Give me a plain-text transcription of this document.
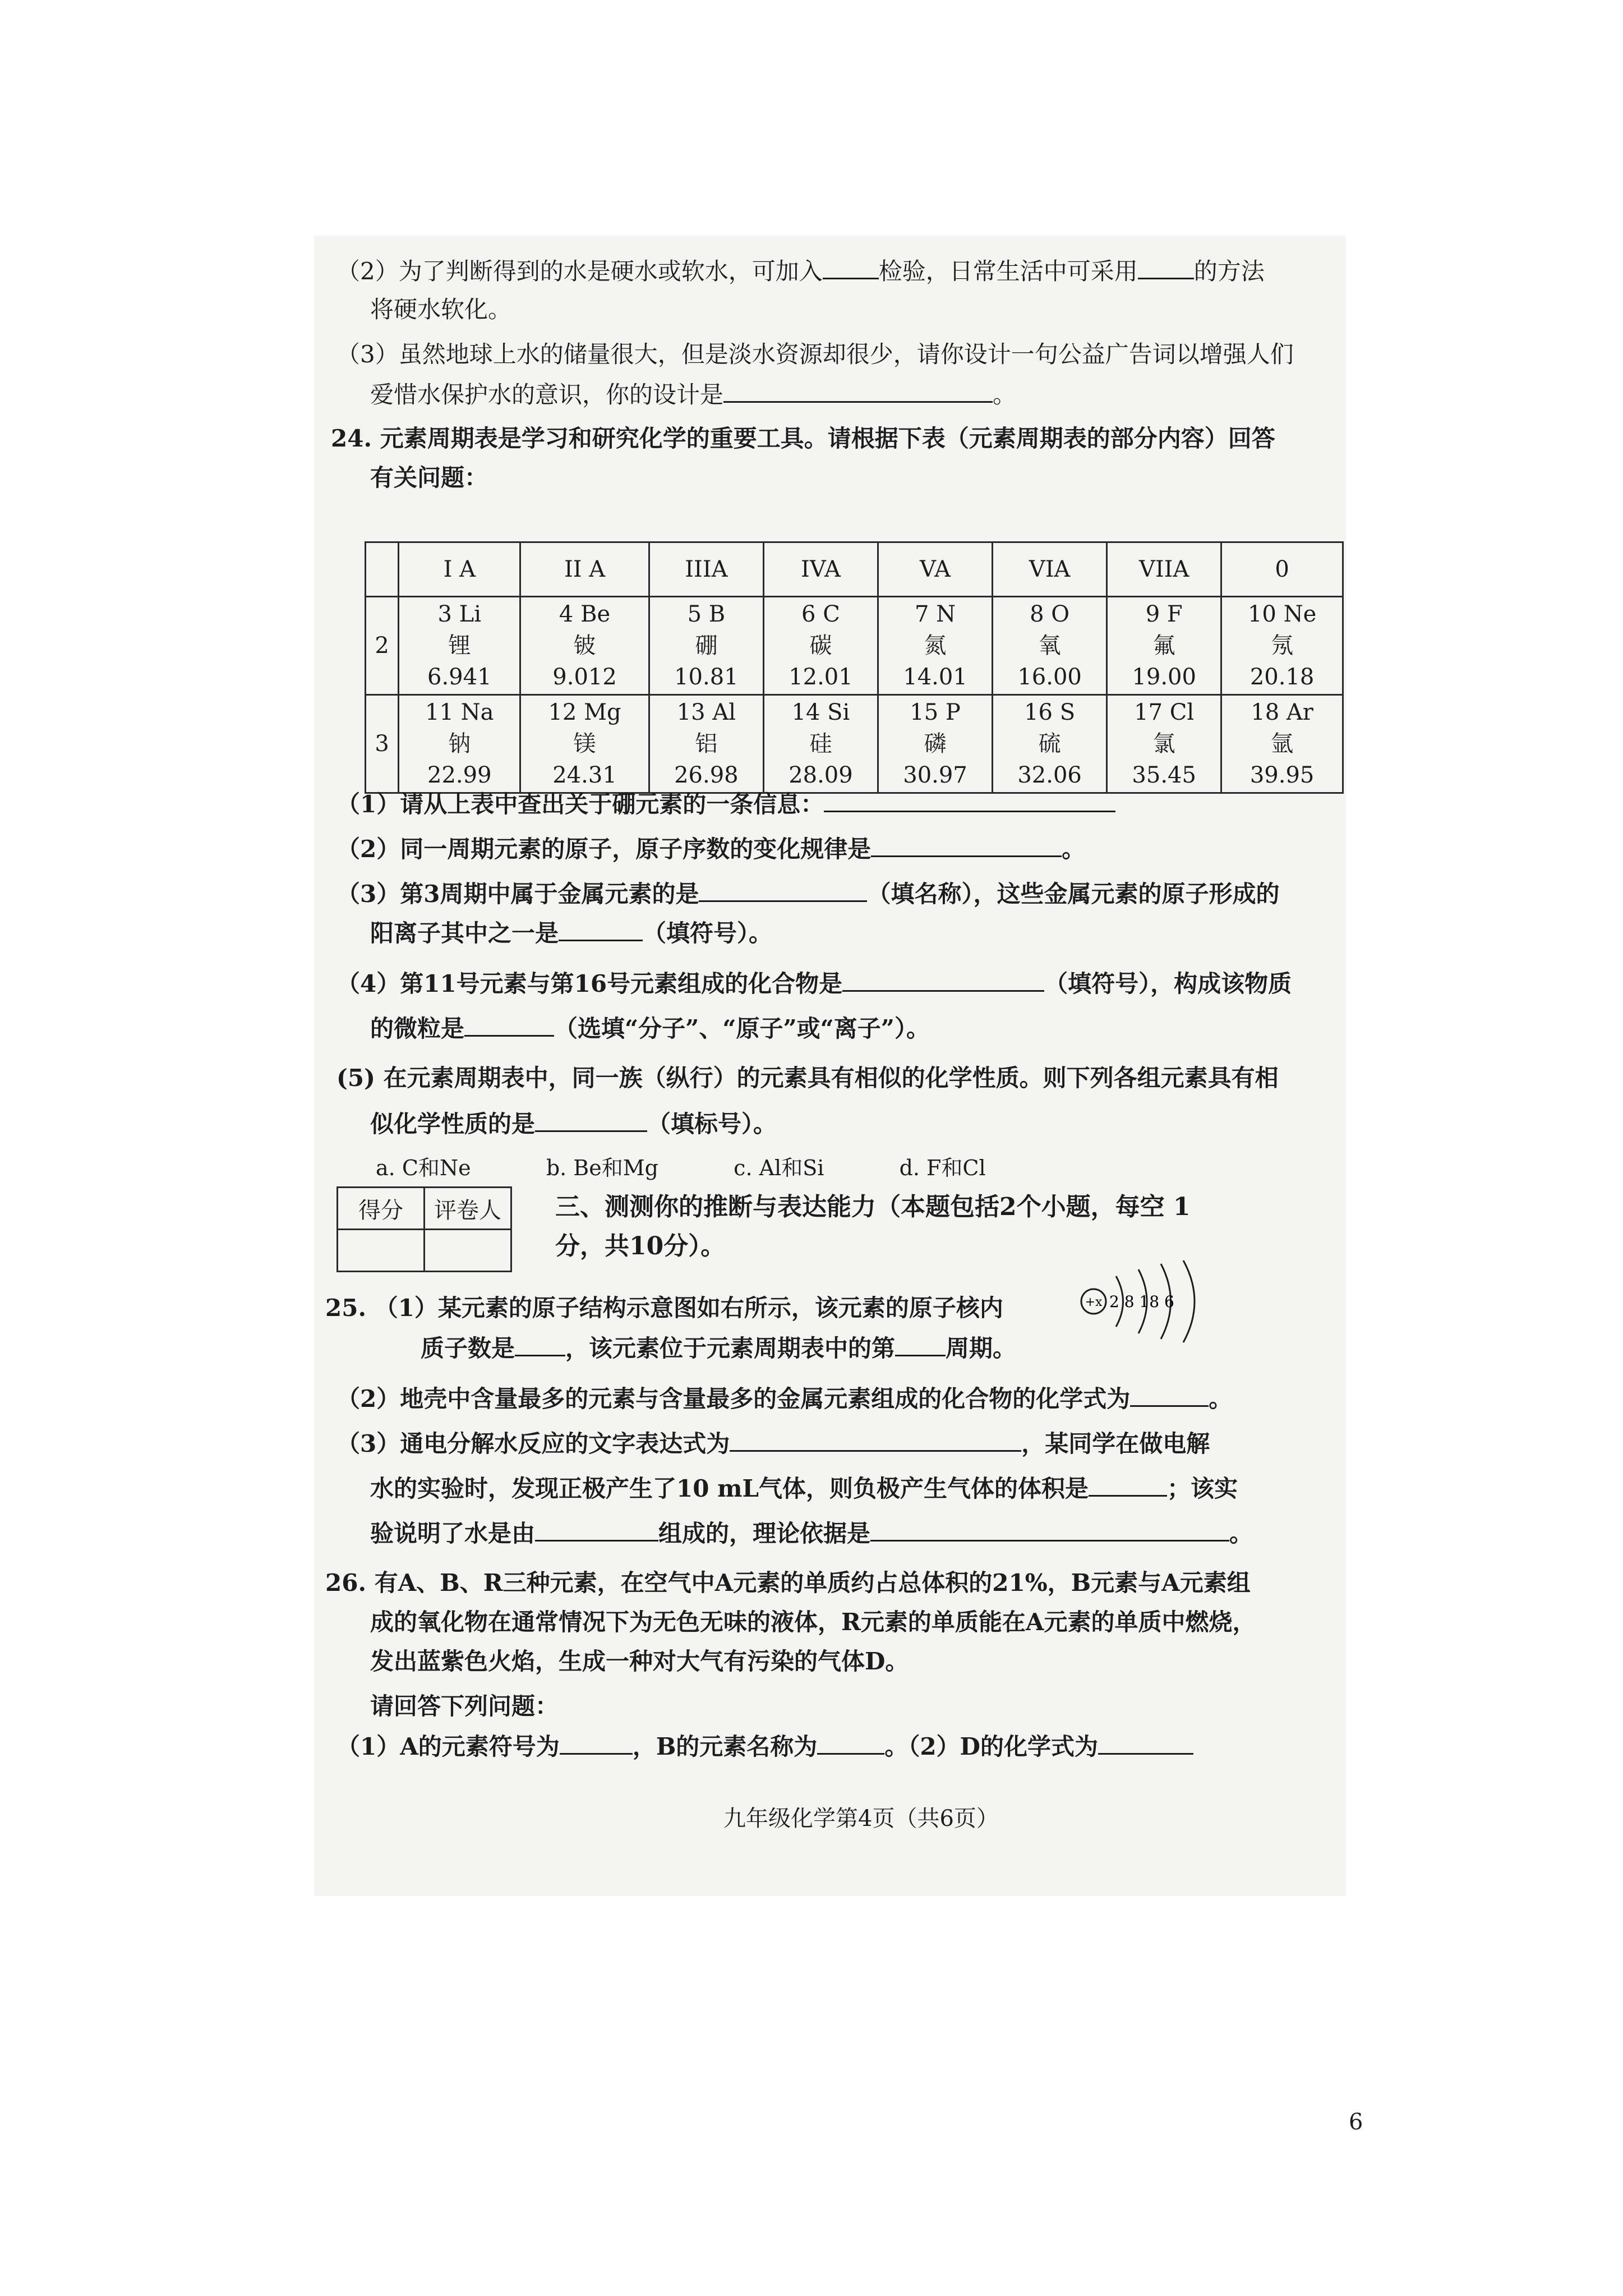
（2）为了判断得到的水是硬水或软水，可加入 检验，日常生活中可采用 的方法
将硬水软化。
（3）虽然地球上水的储量很大，但是淡水资源却很少，请你设计一句公益广告词以增强人们
爱惜水保护水的意识，你的设计是	。
24. 元素周期表是学习和研究化学的重要工具。请根据下表（元素周期表的部分内容）回答
有关问题：
	I A	II A	IIIA	IVA	VA	VIA	VIIA	0
2	3 Li
锂
6.941	4 Be
铍
9.012	5 B
硼
10.81	6 C
碳
12.01	7 N
氮
14.01	8 O
氧
16.00	9 F
氟
19.00	10 Ne
氖
20.18

3	11 Na
钠
22.99	12 Mg
镁
24.31	13 Al
铝
26.98	14 Si
硅
28.09	15 P
磷
30.97	16 S
硫
32.06	17 Cl
氯
35.45	18 Ar
氩
39.95
（1）请从上表中查出关于硼元素的一条信息：
（2）同一周期元素的原子，原子序数的变化规律是	。
（3）第3周期中属于金属元素的是	（填名称），这些金属元素的原子形成的
阳离子其中之一是	（填符号）。
（4）第11号元素与第16号元素组成的化合物是	（填符号），构成该物质
的微粒是	（选填“分子”、“原子”或“离子”）。
(5) 在元素周期表中，同一族（纵行）的元素具有相似的化学性质。则下列各组元素具有相
似化学性质的是	（填标号）。
a. C和Ne	b. Be和Mg	c. Al和Si	d. F和Cl
得分	评卷人
	三、测测你的推断与表达能力（本题包括2个小题，每空 1
分，共10分）。
25. （1）某元素的原子结构示意图如右所示，该元素的原子核内
质子数是 ，该元素位于元素周期表中的第 周期。
+x 2 8 18 6
（2）地壳中含量最多的元素与含量最多的金属元素组成的化合物的化学式为	。
（3）通电分解水反应的文字表达式为	，某同学在做电解
水的实验时，发现正极产生了10 mL气体，则负极产生气体的体积是	；该实
验说明了水是由	组成的，理论依据是	。
26. 有A、B、R三种元素，在空气中A元素的单质约占总体积的21%，B元素与A元素组
成的氧化物在通常情况下为无色无味的液体，R元素的单质能在A元素的单质中燃烧，
发出蓝紫色火焰，生成一种对大气有污染的气体D。
请回答下列问题：
（1）A的元素符号为	，B的元素名称为	。（2）D的化学式为
九年级化学第4页（共6页）
6
